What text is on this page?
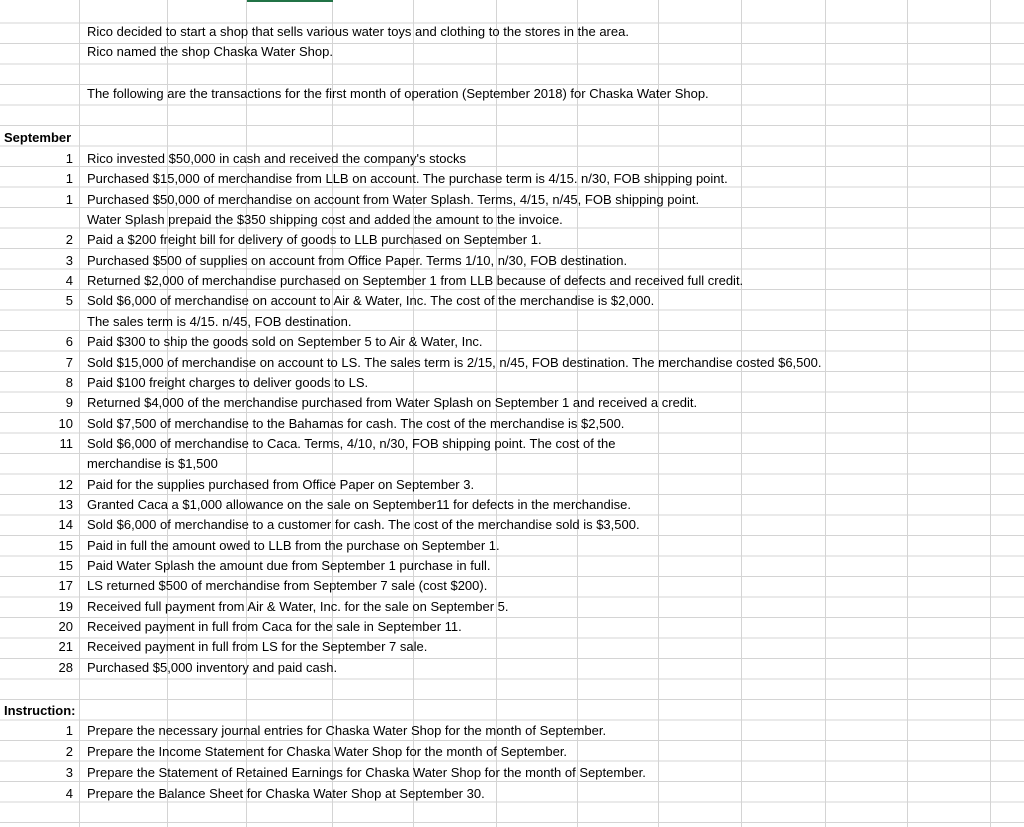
Rico decided to start a shop that sells various water toys and clothing to the stores in the area.
Rico named the shop Chaska Water Shop.
The following are the transactions for the first month of operation (September 2018) for Chaska Water Shop.
September
1 Rico invested $50,000 in cash and received the company's stocks
1 Purchased $15,000 of merchandise from LLB on account. The purchase term is 4/15. n/30, FOB shipping point.
1 Purchased $50,000 of merchandise on account from Water Splash. Terms, 4/15, n/45, FOB shipping point.
Water Splash prepaid the $350 shipping cost and added the amount to the invoice.
2 Paid a $200 freight bill for delivery of goods to LLB purchased on September 1.
3 Purchased $500 of supplies on account from Office Paper. Terms 1/10, n/30, FOB destination.
4 Returned $2,000 of merchandise purchased on September 1 from LLB because of defects and received full credit.
5 Sold $6,000 of merchandise on account to Air & Water, Inc. The cost of the merchandise is $2,000.
The sales term is 4/15. n/45, FOB destination.
6 Paid $300 to ship the goods sold on September 5 to Air & Water, Inc.
7 Sold $15,000 of merchandise on account to LS. The sales term is 2/15, n/45, FOB destination. The merchandise costed $6,500.
8 Paid $100 freight charges to deliver goods to LS.
9 Returned $4,000 of the merchandise purchased from Water Splash on September 1 and received a credit.
10 Sold $7,500 of merchandise to the Bahamas for cash. The cost of the merchandise is $2,500.
11 Sold $6,000 of merchandise to Caca. Terms, 4/10, n/30, FOB shipping point. The cost of the
merchandise is $1,500
12 Paid for the supplies purchased from Office Paper on September 3.
13 Granted Caca a $1,000 allowance on the sale on September11 for defects in the merchandise.
14 Sold $6,000 of merchandise to a customer for cash. The cost of the merchandise sold is $3,500.
15 Paid in full the amount owed to LLB from the purchase on September 1.
15 Paid Water Splash the amount due from September 1 purchase in full.
17 LS returned $500 of merchandise from September 7 sale (cost $200).
19 Received full payment from Air & Water, Inc. for the sale on September 5.
20 Received payment in full from Caca for the sale in September 11.
21 Received payment in full from LS for the September 7 sale.
28 Purchased $5,000 inventory and paid cash.
Instruction:
1 Prepare the necessary journal entries for Chaska Water Shop for the month of September.
2 Prepare the Income Statement for Chaska Water Shop for the month of September.
3 Prepare the Statement of Retained Earnings for Chaska Water Shop for the month of September.
4 Prepare the Balance Sheet for Chaska Water Shop at September 30.
